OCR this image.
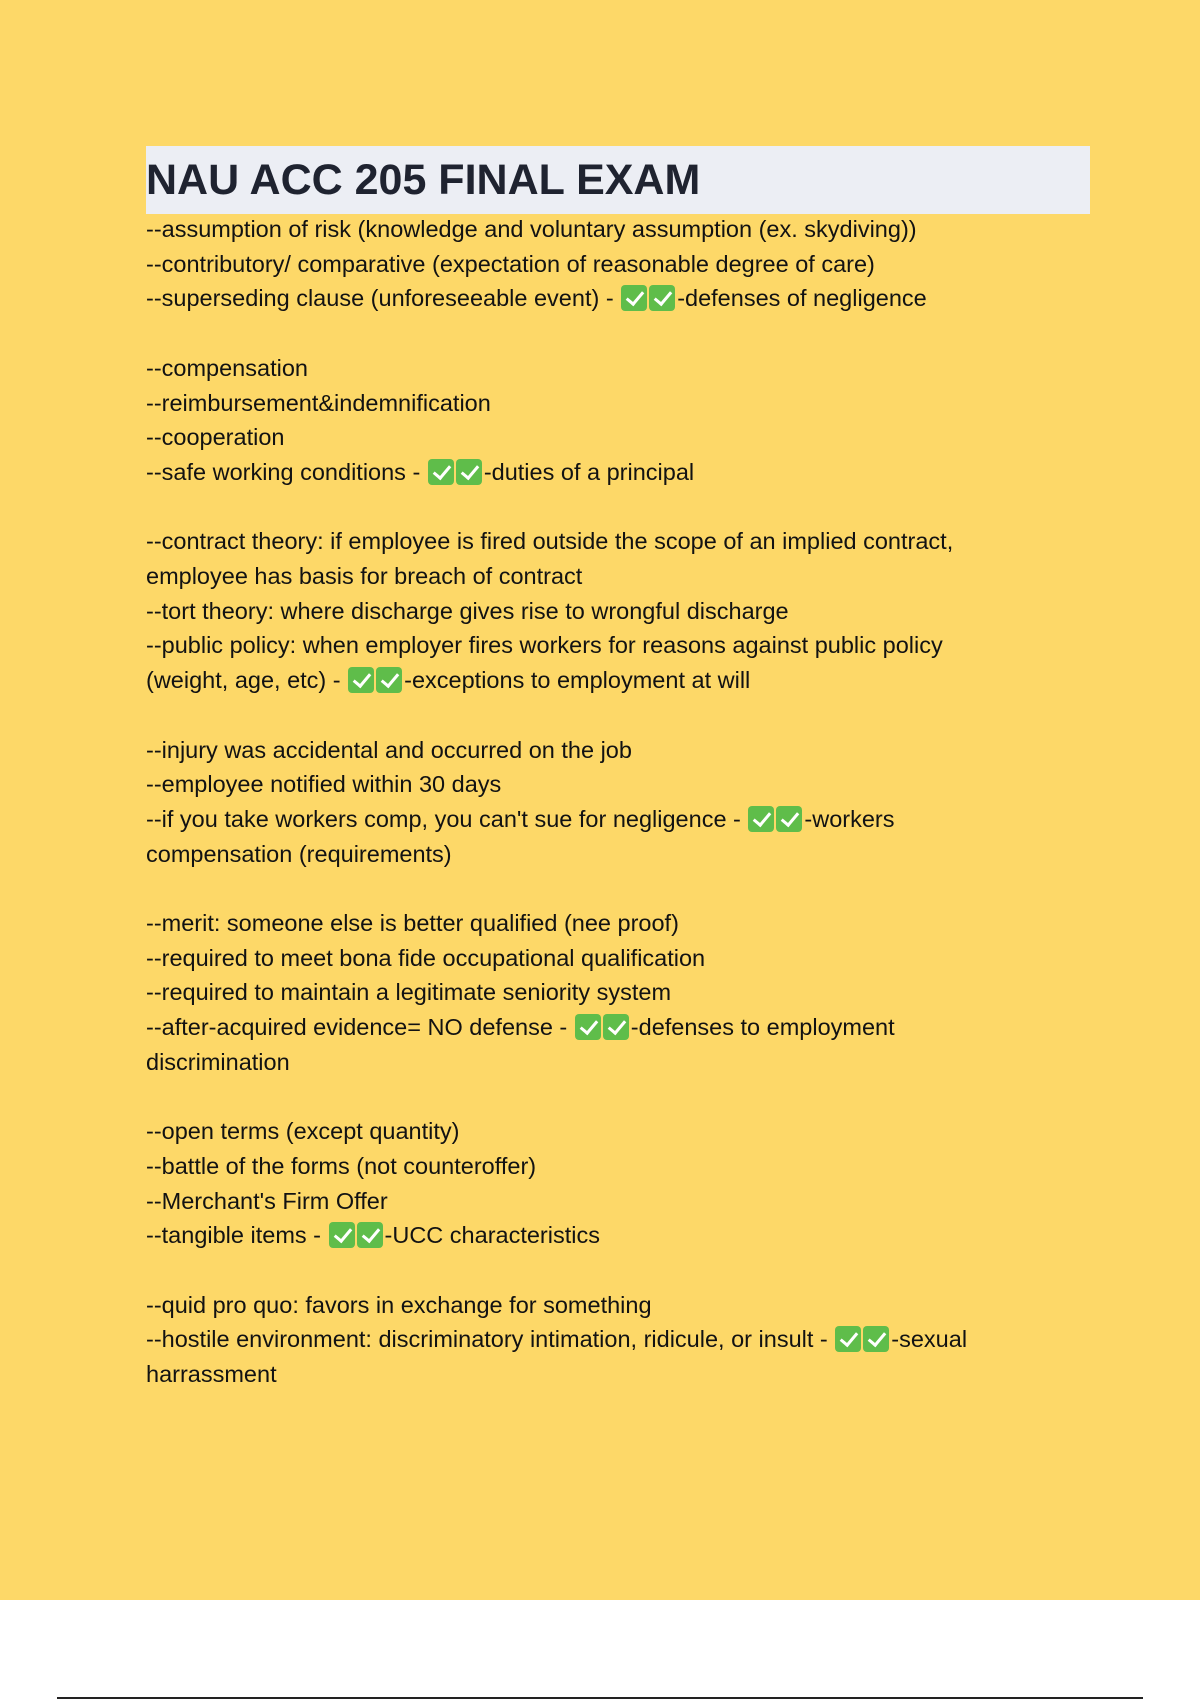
NAU ACC 205 FINAL EXAM
--assumption of risk (knowledge and voluntary assumption (ex. skydiving))
--contributory/ comparative (expectation of reasonable degree of care)
--superseding clause (unforeseeable event) - -defenses of negligence
--compensation
--reimbursement&indemnification
--cooperation
--safe working conditions - -duties of a principal
--contract theory: if employee is fired outside the scope of an implied contract,
employee has basis for breach of contract
--tort theory: where discharge gives rise to wrongful discharge
--public policy: when employer fires workers for reasons against public policy
(weight, age, etc) - -exceptions to employment at will
--injury was accidental and occurred on the job
--employee notified within 30 days
--if you take workers comp, you can't sue for negligence - -workers
compensation (requirements)
--merit: someone else is better qualified (nee proof)
--required to meet bona fide occupational qualification
--required to maintain a legitimate seniority system
--after-acquired evidence= NO defense - -defenses to employment
discrimination
--open terms (except quantity)
--battle of the forms (not counteroffer)
--Merchant's Firm Offer
--tangible items - -UCC characteristics
--quid pro quo: favors in exchange for something
--hostile environment: discriminatory intimation, ridicule, or insult - -sexual
harrassment
